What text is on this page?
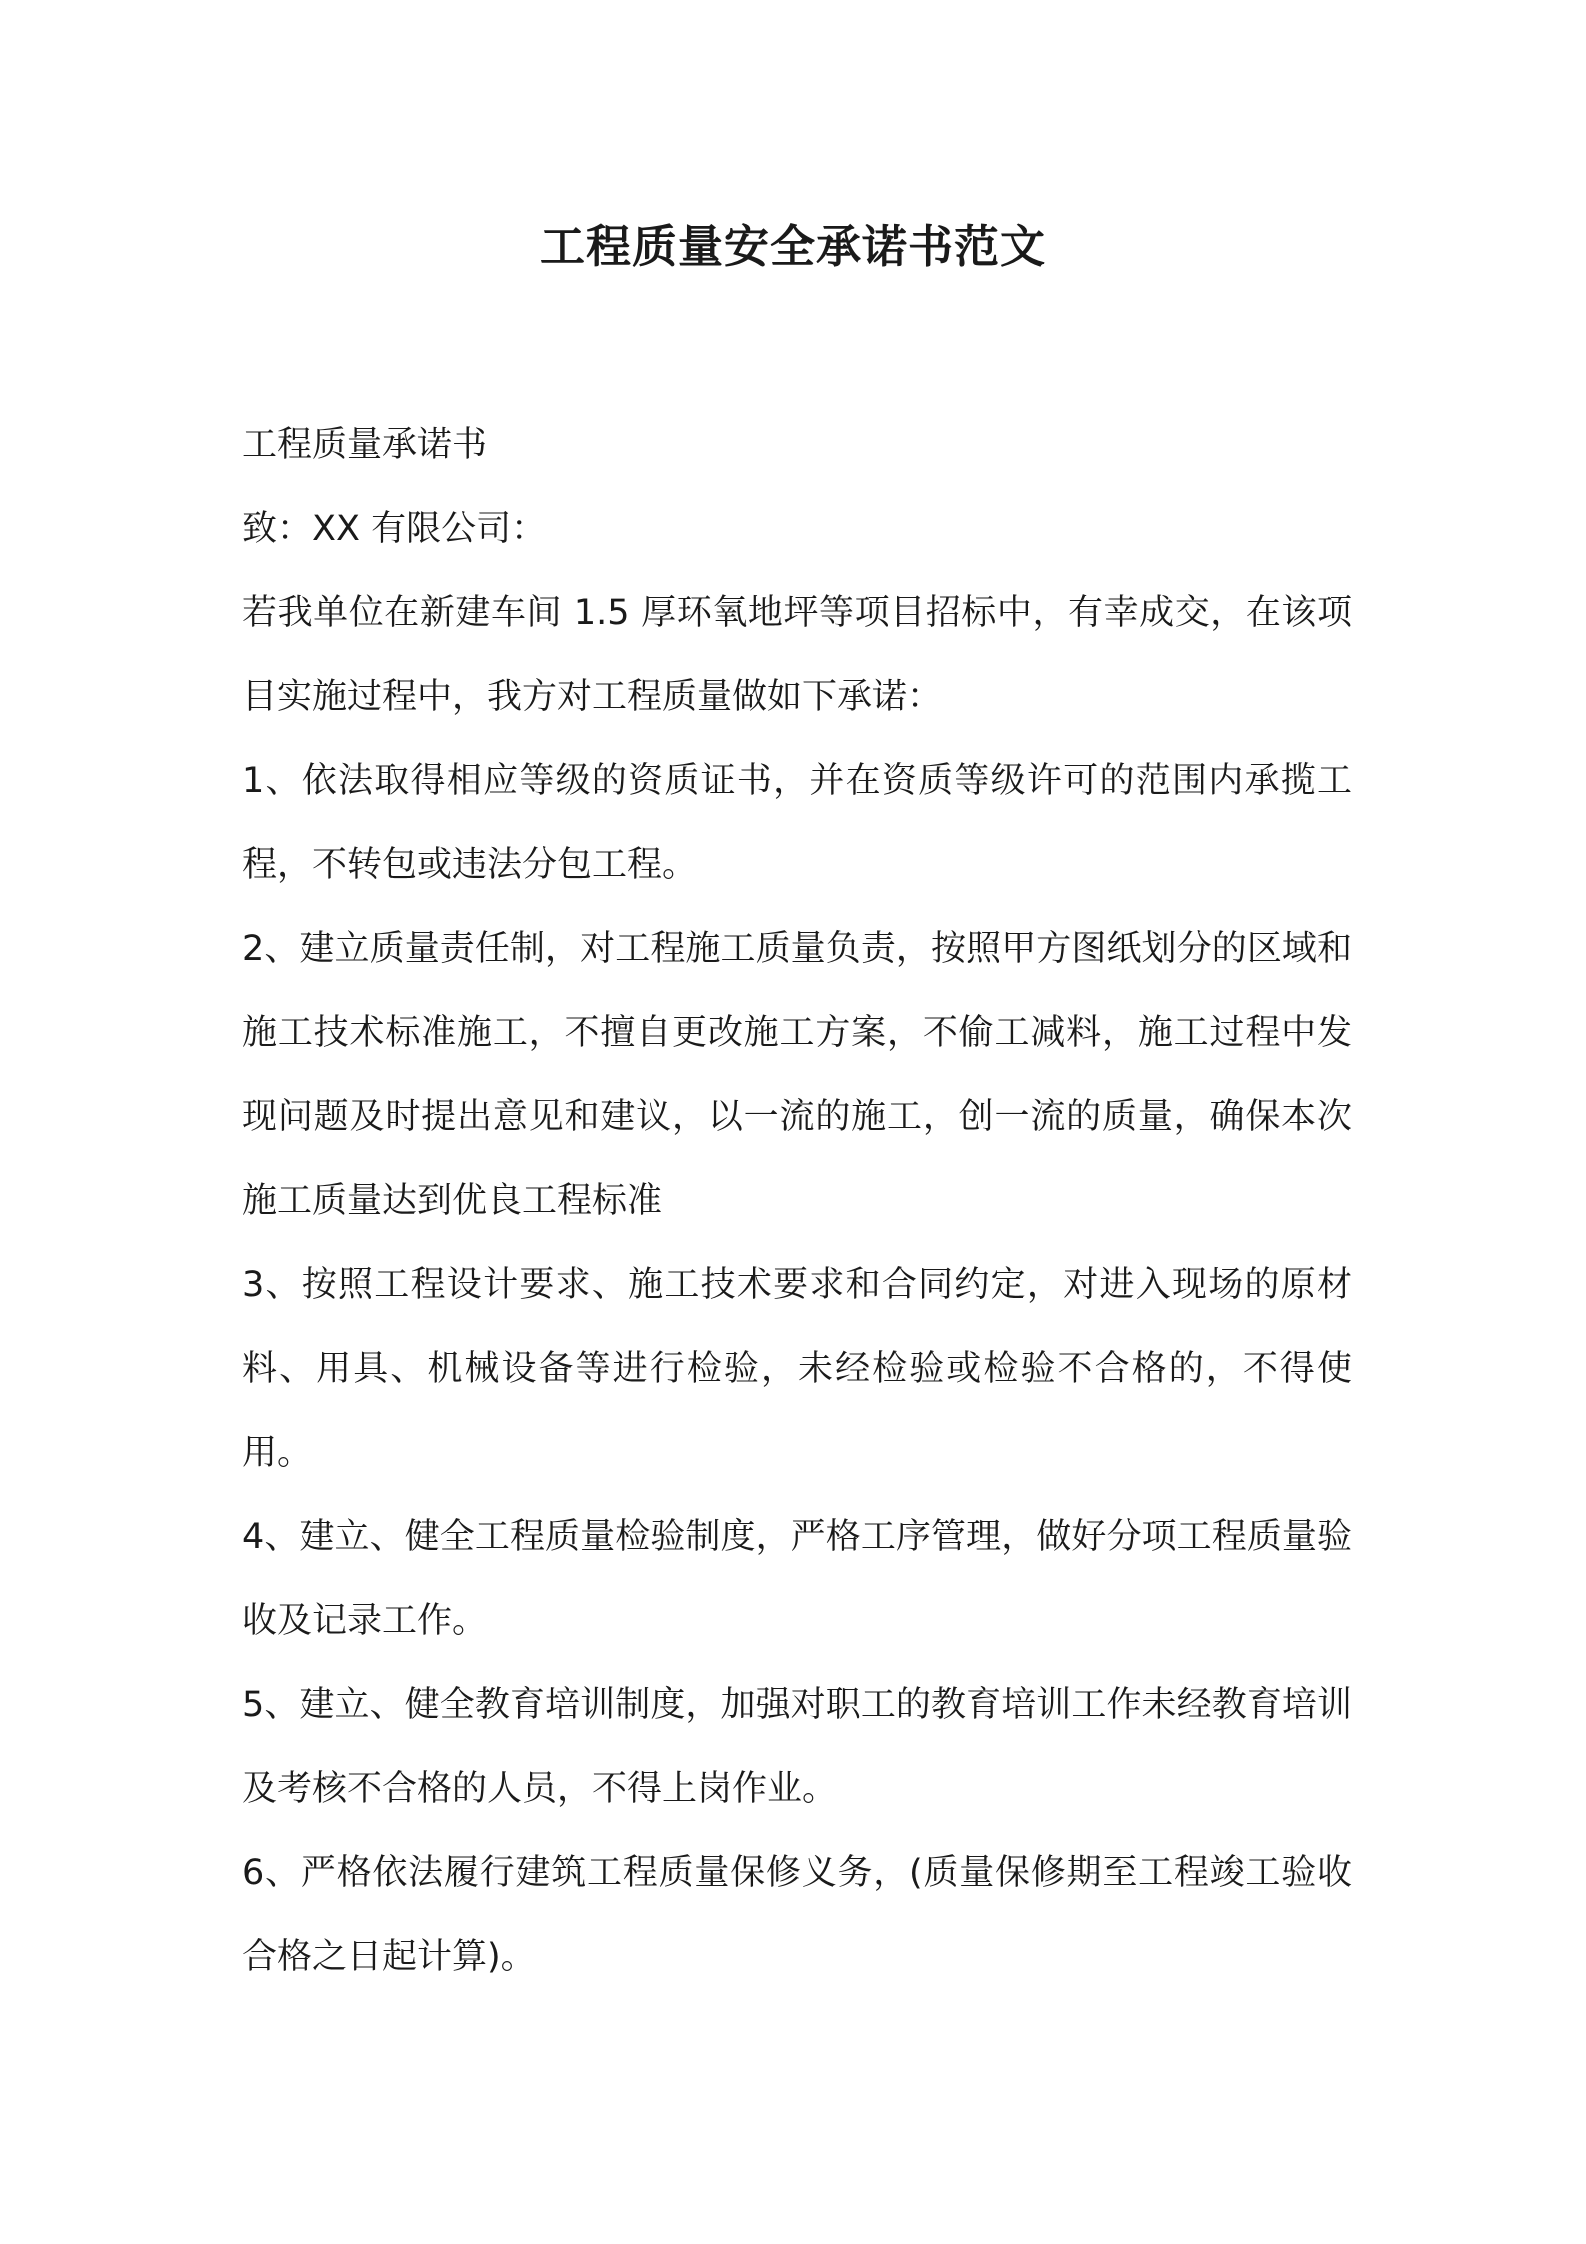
工程质量安全承诺书范文

工程质量承诺书

致：XX 有限公司：

若我单位在新建车间 1.5 厚环氧地坪等项目招标中，有幸成交，在该项目实施过程中，我方对工程质量做如下承诺：

1、依法取得相应等级的资质证书，并在资质等级许可的范围内承揽工程，不转包或违法分包工程。

2、建立质量责任制，对工程施工质量负责，按照甲方图纸划分的区域和施工技术标准施工，不擅自更改施工方案，不偷工减料，施工过程中发现问题及时提出意见和建议，以一流的施工，创一流的质量，确保本次施工质量达到优良工程标准

3、按照工程设计要求、施工技术要求和合同约定，对进入现场的原材料、用具、机械设备等进行检验，未经检验或检验不合格的，不得使用。

4、建立、健全工程质量检验制度，严格工序管理，做好分项工程质量验收及记录工作。

5、建立、健全教育培训制度，加强对职工的教育培训工作未经教育培训及考核不合格的人员，不得上岗作业。

6、严格依法履行建筑工程质量保修义务，(质量保修期至工程竣工验收合格之日起计算)。
